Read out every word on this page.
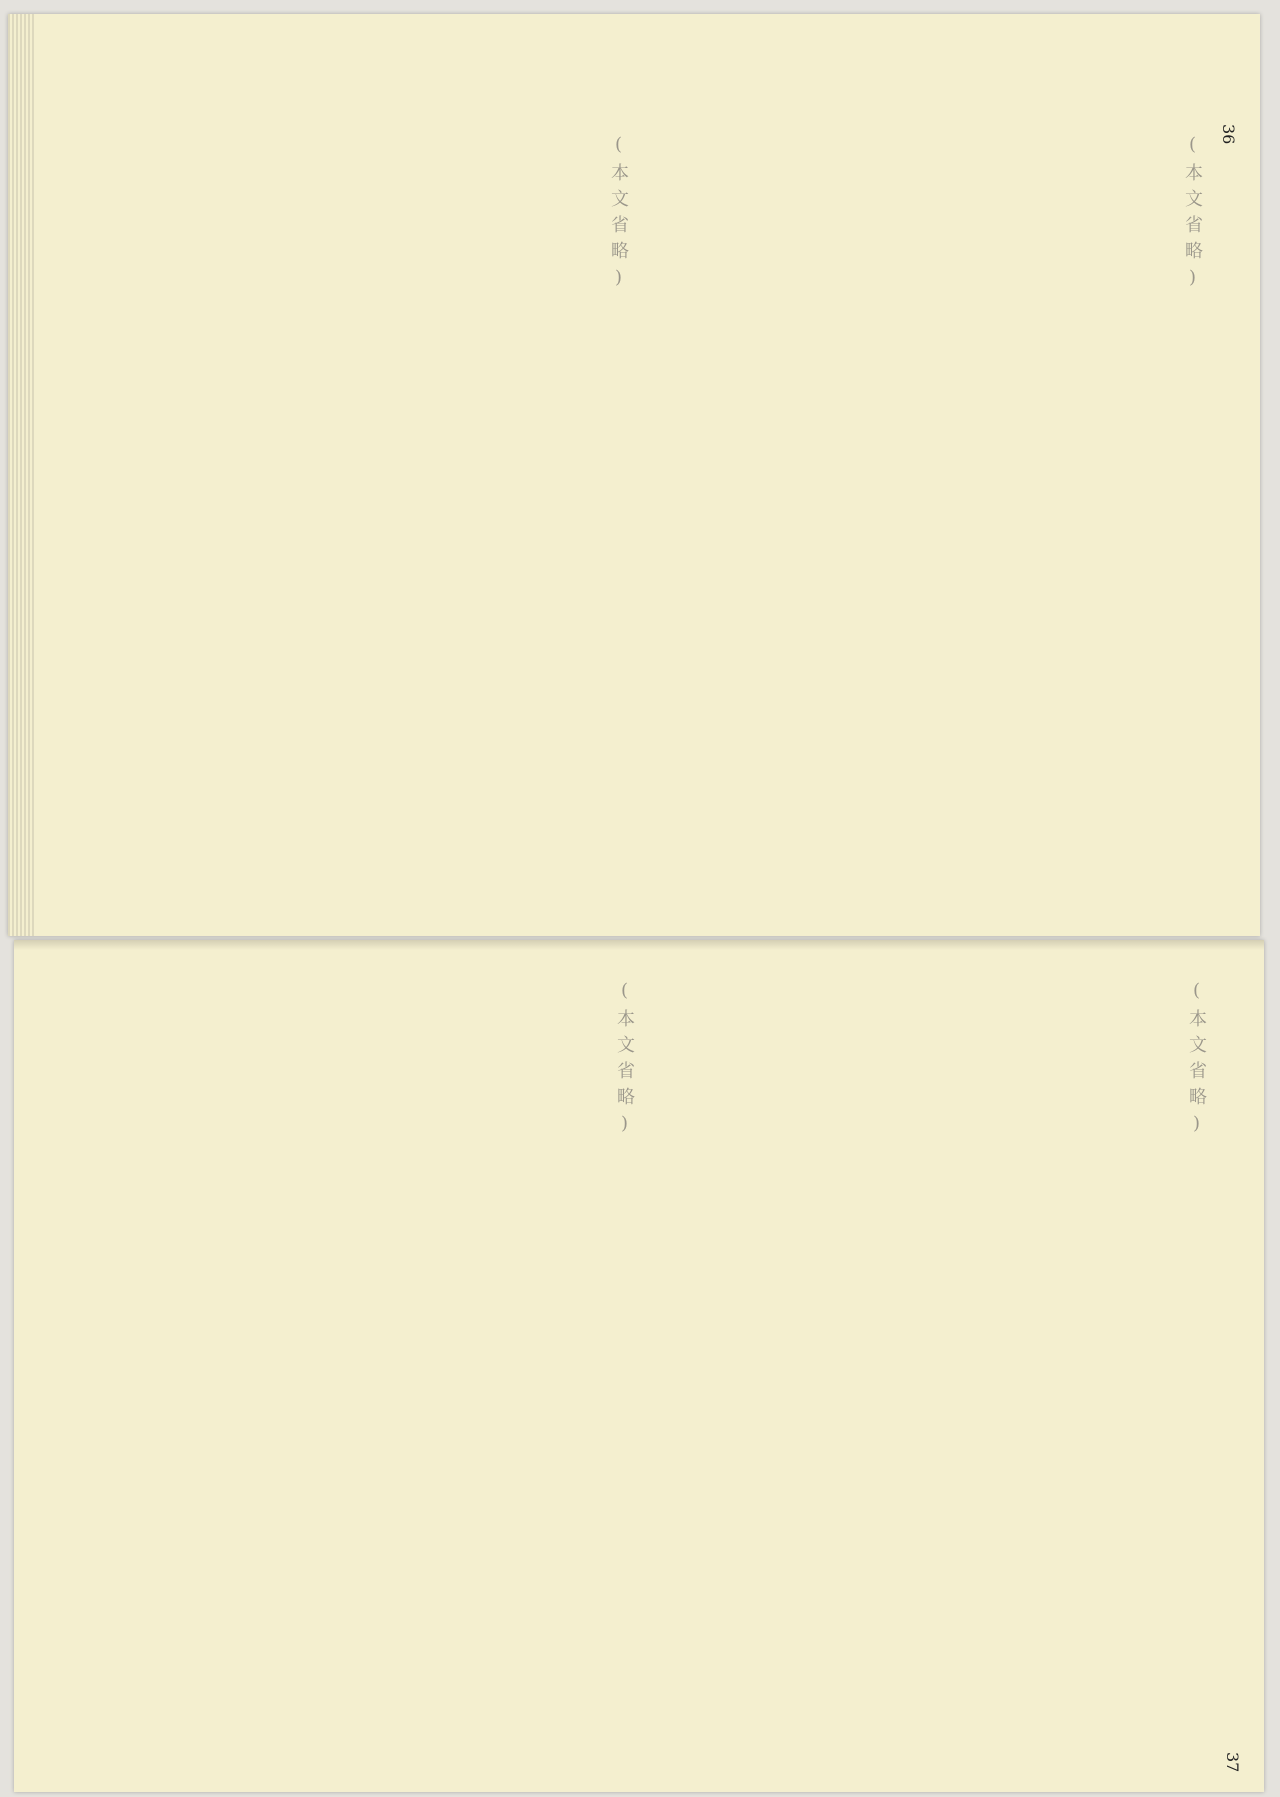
36
(本文省略)
(本文省略)
37
(本文省略)
(本文省略)
